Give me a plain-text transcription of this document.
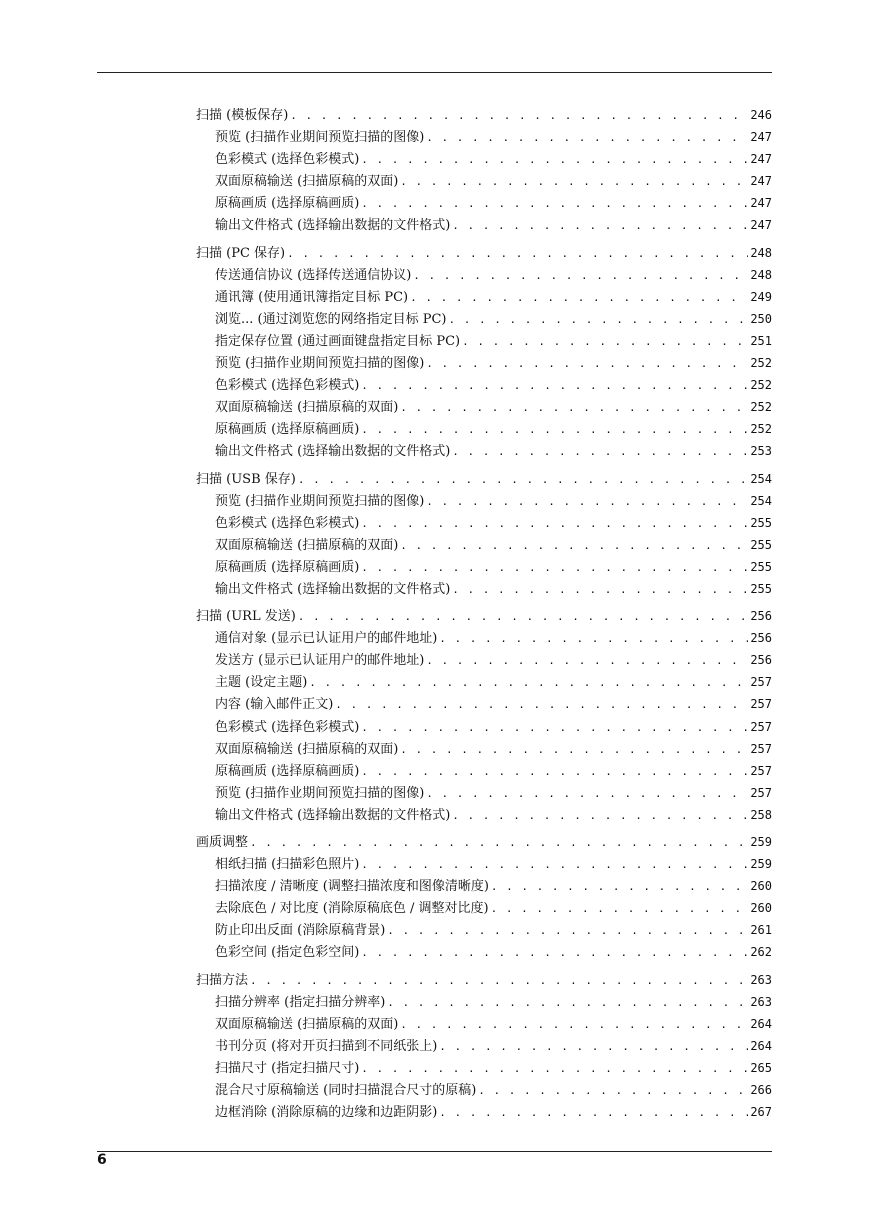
扫描 (模板保存) . . .	246
预览 (扫描作业期间预览扫描的图像) . . .	247
色彩模式 (选择色彩模式) . . .	247
双面原稿输送 (扫描原稿的双面) . . .	247
原稿画质 (选择原稿画质) . . .	247
输出文件格式 (选择输出数据的文件格式) . . .	247
扫描 (PC 保存) . . .	248
传送通信协议 (选择传送通信协议) . . .	248
通讯簿 (使用通讯簿指定目标 PC) . . .	249
浏览... (通过浏览您的网络指定目标 PC) . . .	250
指定保存位置 (通过画面键盘指定目标 PC) . . .	251
预览 (扫描作业期间预览扫描的图像) . . .	252
色彩模式 (选择色彩模式) . . .	252
双面原稿输送 (扫描原稿的双面) . . .	252
原稿画质 (选择原稿画质) . . .	252
输出文件格式 (选择输出数据的文件格式) . . .	253
扫描 (USB 保存) . . .	254
预览 (扫描作业期间预览扫描的图像) . . .	254
色彩模式 (选择色彩模式) . . .	255
双面原稿输送 (扫描原稿的双面) . . .	255
原稿画质 (选择原稿画质) . . .	255
输出文件格式 (选择输出数据的文件格式) . . .	255
扫描 (URL 发送) . . .	256
通信对象 (显示已认证用户的邮件地址) . . .	256
发送方 (显示已认证用户的邮件地址) . . .	256
主题 (设定主题) . . .	257
内容 (输入邮件正文) . . .	257
色彩模式 (选择色彩模式) . . .	257
双面原稿输送 (扫描原稿的双面) . . .	257
原稿画质 (选择原稿画质) . . .	257
预览 (扫描作业期间预览扫描的图像) . . .	257
输出文件格式 (选择输出数据的文件格式) . . .	258
画质调整 . . .	259
相纸扫描 (扫描彩色照片) . . .	259
扫描浓度 / 清晰度 (调整扫描浓度和图像清晰度) . . .	260
去除底色 / 对比度 (消除原稿底色 / 调整对比度) . . .	260
防止印出反面 (消除原稿背景) . . .	261
色彩空间 (指定色彩空间) . . .	262
扫描方法 . . .	263
扫描分辨率 (指定扫描分辨率) . . .	263
双面原稿输送 (扫描原稿的双面) . . .	264
书刊分页 (将对开页扫描到不同纸张上) . . .	264
扫描尺寸 (指定扫描尺寸) . . .	265
混合尺寸原稿输送 (同时扫描混合尺寸的原稿) . . .	266
边框消除 (消除原稿的边缘和边距阴影) . . .	267
6
